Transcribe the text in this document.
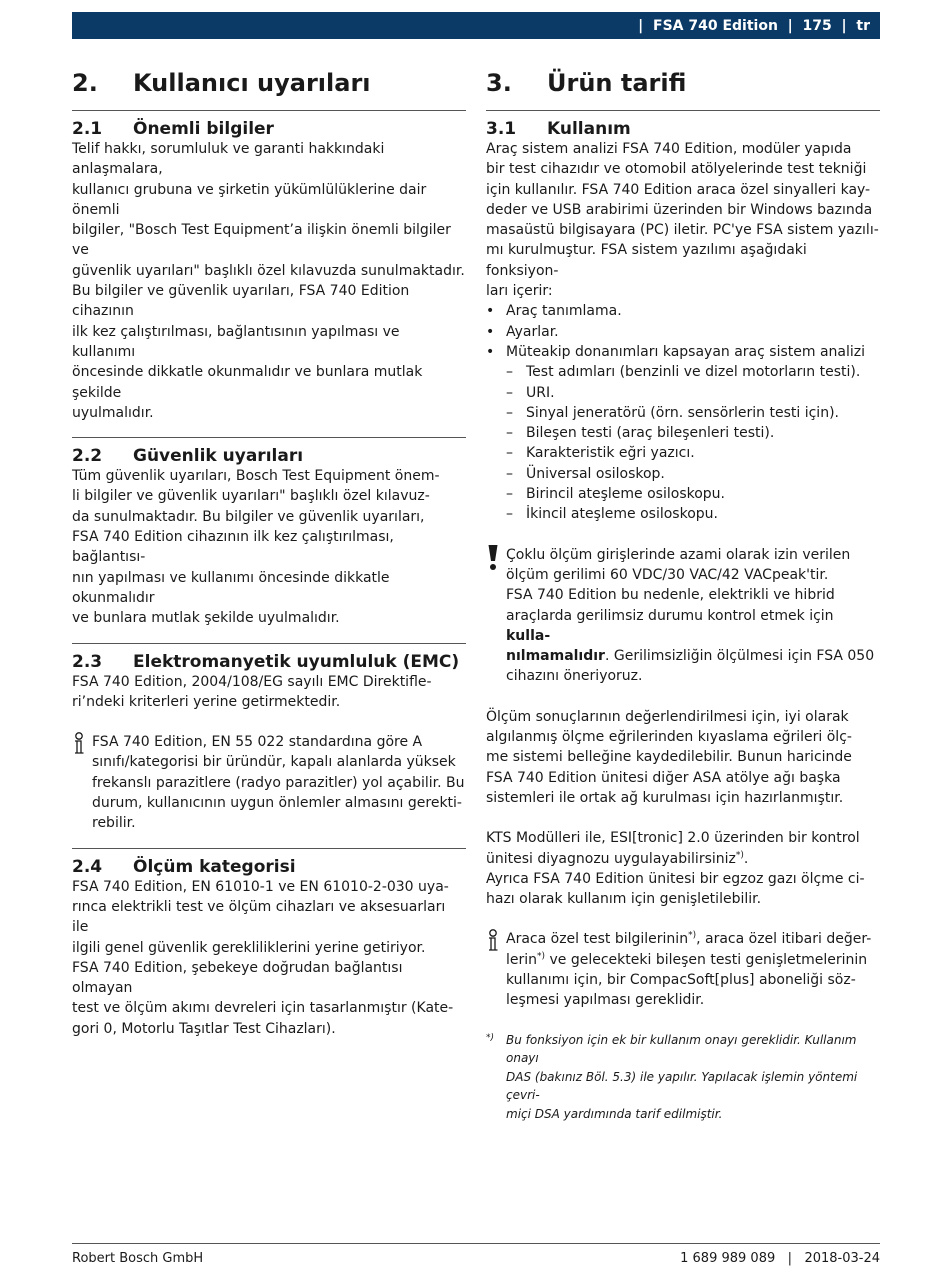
| FSA 740 Edition | 175 | tr
2.	Kullanıcı uyarıları
2.1	Önemli bilgiler

Telif hakkı, sorumluluk ve garanti hakkındaki anlaşmalara,
kullanıcı grubuna ve şirketin yükümlülüklerine dair önemli
bilgiler, "Bosch Test Equipment’a ilişkin önemli bilgiler ve
güvenlik uyarıları" başlıklı özel kılavuzda sunulmaktadır.
Bu bilgiler ve güvenlik uyarıları, FSA 740 Edition cihazının
ilk kez çalıştırılması, bağlantısının yapılması ve kullanımı
öncesinde dikkatle okunmalıdır ve bunlara mutlak şekilde
uyulmalıdır.

2.2	Güvenlik uyarıları

Tüm güvenlik uyarıları, Bosch Test Equipment önem-
li bilgiler ve güvenlik uyarıları" başlıklı özel kılavuz-
da sunulmaktadır. Bu bilgiler ve güvenlik uyarıları,
FSA 740 Edition cihazının ilk kez çalıştırılması, bağlantısı-
nın yapılması ve kullanımı öncesinde dikkatle okunmalıdır
ve bunlara mutlak şekilde uyulmalıdır.

2.3	Elektromanyetik uyumluluk (EMC)

FSA 740 Edition, 2004/108/EG sayılı EMC Direktifle-
ri’ndeki kriterleri yerine getirmektedir.

FSA 740 Edition, EN 55 022 standardına göre A
sınıfı/kategorisi bir üründür, kapalı alanlarda yüksek
frekanslı parazitlere (radyo parazitler) yol açabilir. Bu
durum, kullanıcının uygun önlemler almasını gerekti-
rebilir.

2.4	Ölçüm kategorisi

FSA 740 Edition, EN 61010-1 ve EN 61010-2-030 uya-
rınca elektrikli test ve ölçüm cihazları ve aksesuarları ile
ilgili genel güvenlik gerekliliklerini yerine getiriyor.
FSA 740 Edition, şebekeye doğrudan bağlantısı olmayan
test ve ölçüm akımı devreleri için tasarlanmıştır (Kate-
gori 0, Motorlu Taşıtlar Test Cihazları).

3.	Ürün tarifi
3.1	Kullanım

Araç sistem analizi FSA 740 Edition, modüler yapıda
bir test cihazıdır ve otomobil atölyelerinde test tekniği
için kullanılır. FSA 740 Edition araca özel sinyalleri kay-
deder ve USB arabirimi üzerinden bir Windows bazında
masaüstü bilgisayara (PC) iletir. PC'ye FSA sistem yazılı-
mı kurulmuştur. FSA sistem yazılımı aşağıdaki fonksiyon-
ları içerir:

• Araç tanımlama.
• Ayarlar.
• Müteakip donanımları kapsayan araç sistem analizi
– Test adımları (benzinli ve dizel motorların testi).
– URI.
– Sinyal jeneratörü (örn. sensörlerin testi için).
– Bileşen testi (araç bileşenleri testi).
– Karakteristik eğri yazıcı.
– Üniversal osiloskop.
– Birincil ateşleme osiloskopu.
– İkincil ateşleme osiloskopu.

Çoklu ölçüm girişlerinde azami olarak izin verilen
ölçüm gerilimi 60 VDC/30 VAC/42 VACpeak'tir.
FSA 740 Edition bu nedenle, elektrikli ve hibrid
araçlarda gerilimsiz durumu kontrol etmek için kulla-
nılmamalıdır. Gerilimsizliğin ölçülmesi için FSA 050
cihazını öneriyoruz.

Ölçüm sonuçlarının değerlendirilmesi için, iyi olarak
algılanmış ölçme eğrilerinden kıyaslama eğrileri ölç-
me sistemi belleğine kaydedilebilir. Bunun haricinde
FSA 740 Edition ünitesi diğer ASA atölye ağı başka
sistemleri ile ortak ağ kurulması için hazırlanmıştır.

KTS Modülleri ile, ESI[tronic] 2.0 üzerinden bir kontrol
ünitesi diyagnozu uygulayabilirsiniz*).
Ayrıca FSA 740 Edition ünitesi bir egzoz gazı ölçme ci-
hazı olarak kullanım için genişletilebilir.

Araca özel test bilgilerinin*), araca özel itibari değer-
lerin*) ve gelecekteki bileşen testi genişletmelerinin
kullanımı için, bir CompacSoft[plus] aboneliği söz-
leşmesi yapılması gereklidir.

*) Bu fonksiyon için ek bir kullanım onayı gereklidir. Kullanım onayı
DAS (bakınız Böl. 5.3) ile yapılır. Yapılacak işlemin yöntemi çevri-
miçi DSA yardımında tarif edilmiştir.
Robert Bosch GmbH	1 689 989 089 | 2018-03-24
